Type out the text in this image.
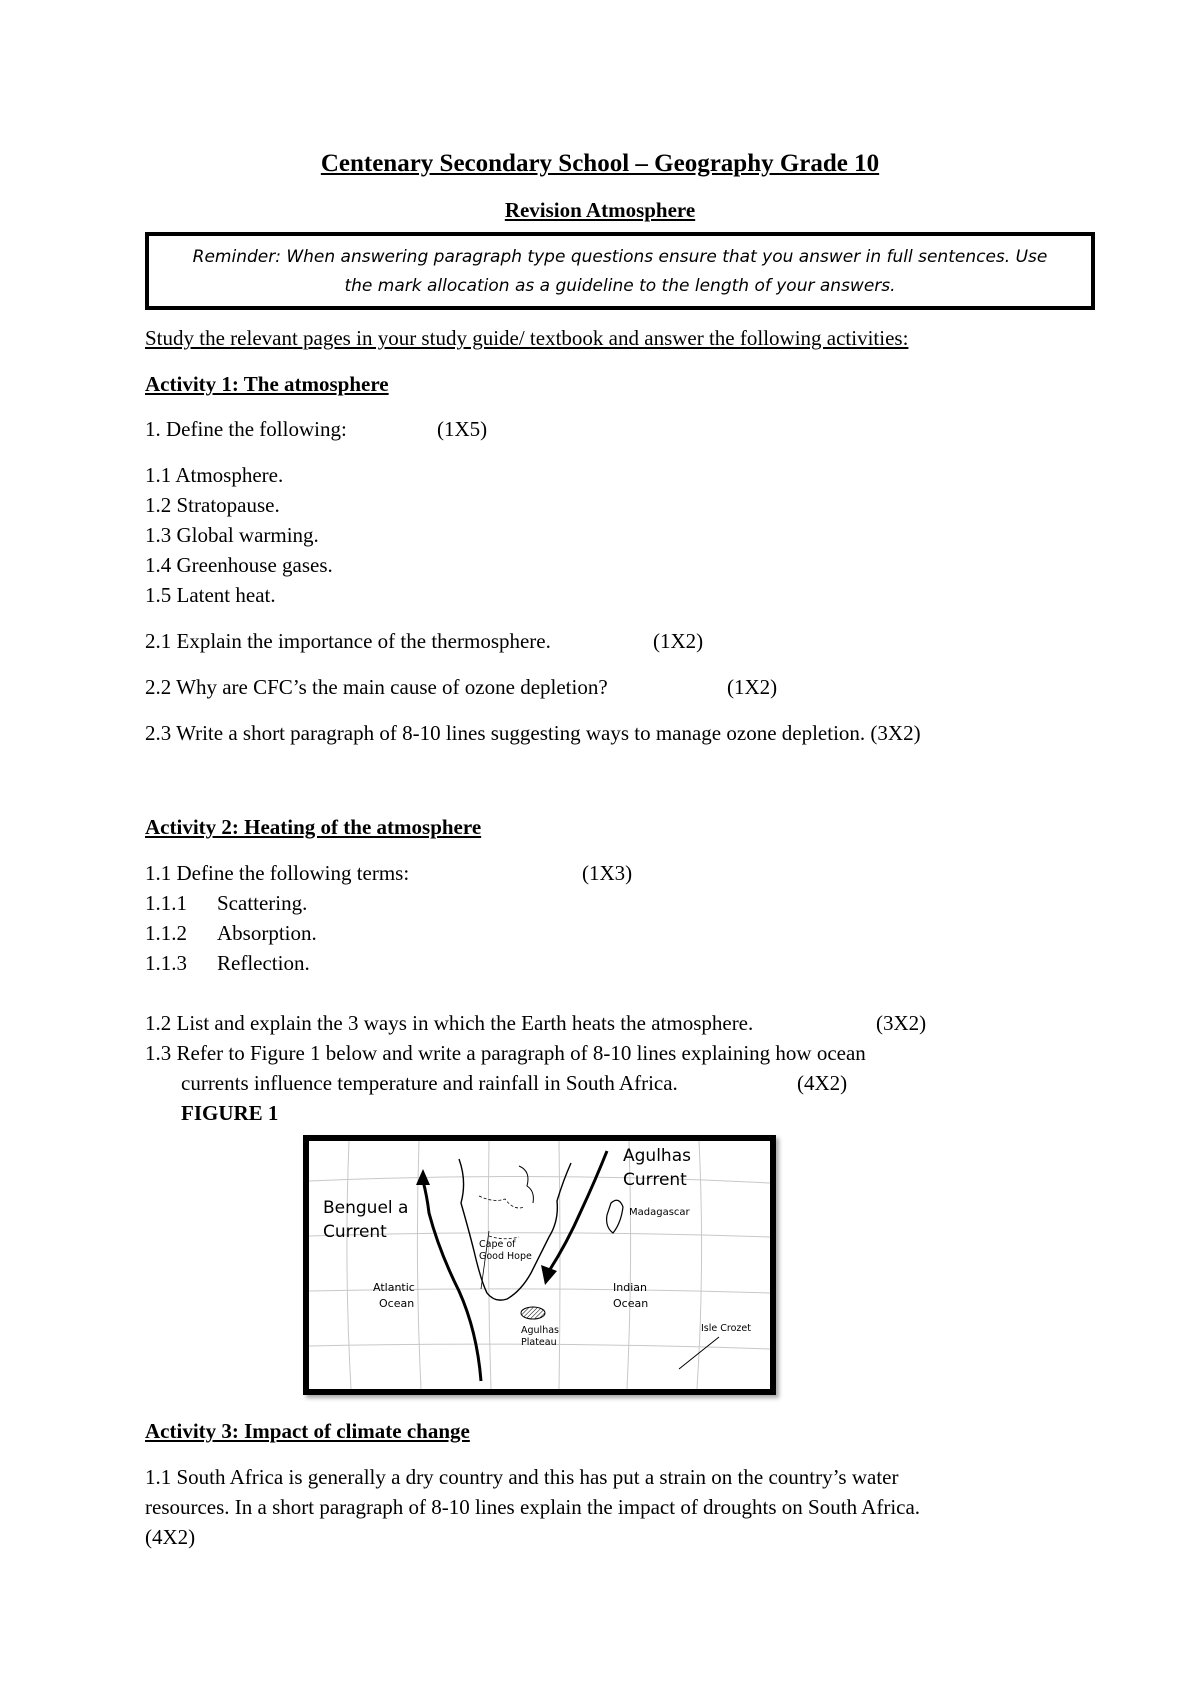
Centenary Secondary School – Geography Grade 10
Revision Atmosphere
Reminder: When answering paragraph type questions ensure that you answer in full sentences. Use
the mark allocation as a guideline to the length of your answers.
Study the relevant pages in your study guide/ textbook and answer the following activities:
Activity 1: The atmosphere
1. Define the following:	(1X5)
1.1 Atmosphere.
1.2 Stratopause.
1.3 Global warming.
1.4 Greenhouse gases.
1.5 Latent heat.
2.1 Explain the importance of the thermosphere.	(1X2)
2.2 Why are CFC’s the main cause of ozone depletion?	(1X2)
2.3 Write a short paragraph of 8-10 lines suggesting ways to manage ozone depletion. (3X2)
Activity 2: Heating of the atmosphere
1.1 Define the following terms:	(1X3)
1.1.1 Scattering.
1.1.2 Absorption.
1.1.3 Reflection.
1.2 List and explain the 3 ways in which the Earth heats the atmosphere.	(3X2)
1.3 Refer to Figure 1 below and write a paragraph of 8-10 lines explaining how ocean
currents influence temperature and rainfall in South Africa.	(4X2)
FIGURE 1
Benguel a
Current
Agulhas
Current
Madagascar
Cape of
Good Hope
Atlantic
Ocean
Indian
Ocean
Agulhas
Plateau
Isle Crozet
Activity 3: Impact of climate change
1.1 South Africa is generally a dry country and this has put a strain on the country’s water
resources. In a short paragraph of 8-10 lines explain the impact of droughts on South Africa.
(4X2)
